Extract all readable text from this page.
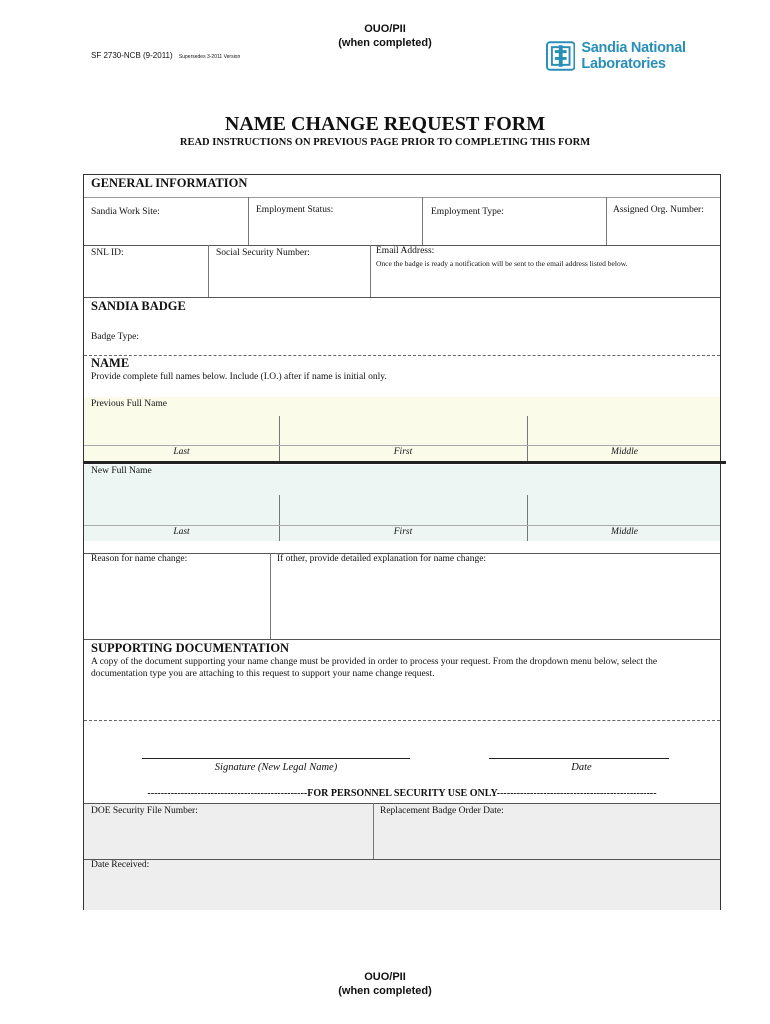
OUO/PII
(when completed)
SF 2730-NCB (9-2011) Supersedes 3-2011 Version
Sandia National Laboratories
NAME CHANGE REQUEST FORM
READ INSTRUCTIONS ON PREVIOUS PAGE PRIOR TO COMPLETING THIS FORM
GENERAL INFORMATION
Sandia Work Site:	Employment Status:	Employment Type:	Assigned Org. Number:
SNL ID:	Social Security Number:	Email Address:
Once the badge is ready a notification will be sent to the email address listed below.
SANDIA BADGE
Badge Type:
NAME
Provide complete full names below. Include (I.O.) after if name is initial only.
Previous Full Name
Last	First	Middle
New Full Name
Last	First	Middle
Reason for name change:	If other, provide detailed explanation for name change:
SUPPORTING DOCUMENTATION
A copy of the document supporting your name change must be provided in order to process your request. From the dropdown menu below, select the documentation type you are attaching to this request to support your name change request.
Signature (New Legal Name)	Date
------------------------------------------------FOR PERSONNEL SECURITY USE ONLY------------------------------------------------
DOE Security File Number:	Replacement Badge Order Date:
Date Received:
OUO/PII
(when completed)
